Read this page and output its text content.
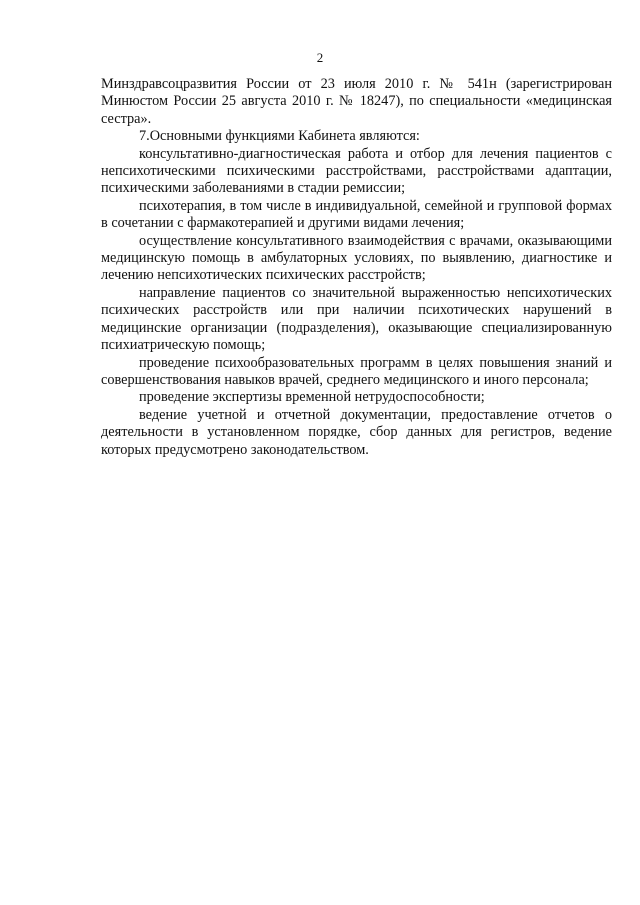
2

Минздравсоцразвития России от 23 июля 2010 г. № 541н (зарегистрирован Минюстом России 25 августа 2010 г. № 18247), по специальности «медицинская сестра».

7.Основными функциями Кабинета являются:

консультативно-диагностическая работа и отбор для лечения пациентов с непсихотическими психическими расстройствами, расстройствами адаптации, психическими заболеваниями в стадии ремиссии;

психотерапия, в том числе в индивидуальной, семейной и групповой формах в сочетании с фармакотерапией и другими видами лечения;

осуществление консультативного взаимодействия с врачами, оказывающими медицинскую помощь в амбулаторных условиях, по выявлению, диагностике и лечению непсихотических психических расстройств;

направление пациентов со значительной выраженностью непсихотических психических расстройств или при наличии психотических нарушений в медицинские организации (подразделения), оказывающие специализированную психиатрическую помощь;

проведение психообразовательных программ в целях повышения знаний и совершенствования навыков врачей, среднего медицинского и иного персонала;

проведение экспертизы временной нетрудоспособности;

ведение учетной и отчетной документации, предоставление отчетов о деятельности в установленном порядке, сбор данных для регистров, ведение которых предусмотрено законодательством.
